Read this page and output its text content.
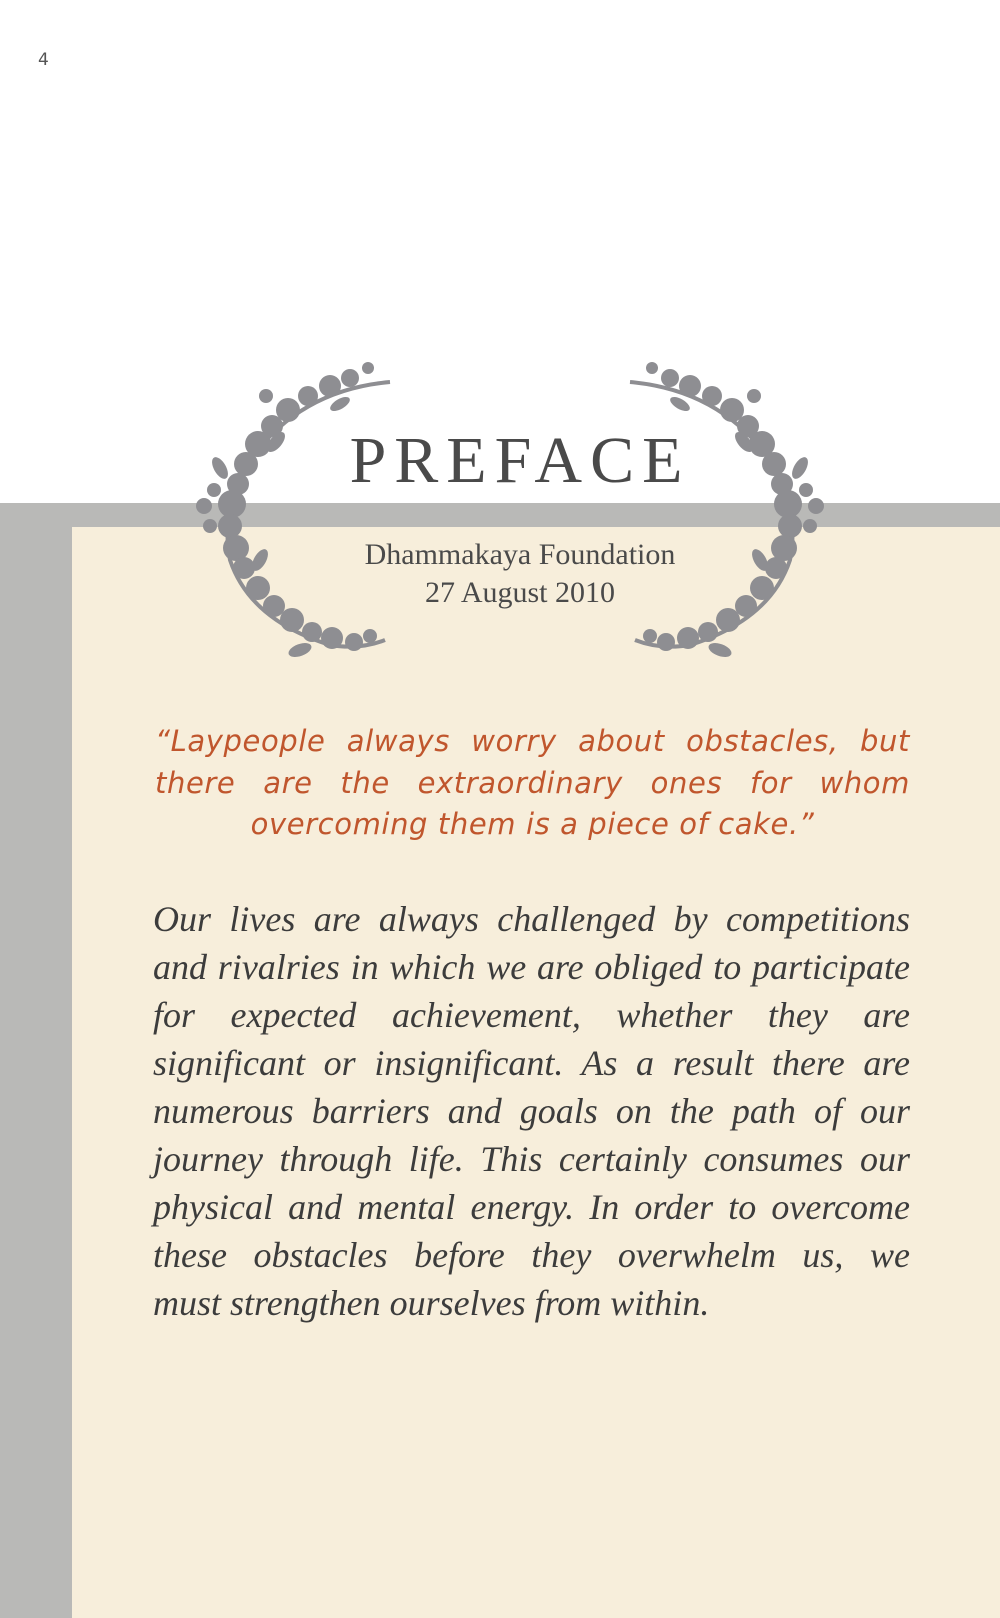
4
PREFACE
Dhammakaya Foundation
27 August 2010
“Laypeople always worry about obstacles, but
there are the extraordinary ones for whom
overcoming them is a piece of cake.”
Our lives are always challenged by competitions
and rivalries in which we are obliged to participate
for expected achievement, whether they are
significant or insignificant. As a result there are
numerous barriers and goals on the path of our
journey through life. This certainly consumes our
physical and mental energy. In order to overcome
these obstacles before they overwhelm us, we
must strengthen ourselves from within.
